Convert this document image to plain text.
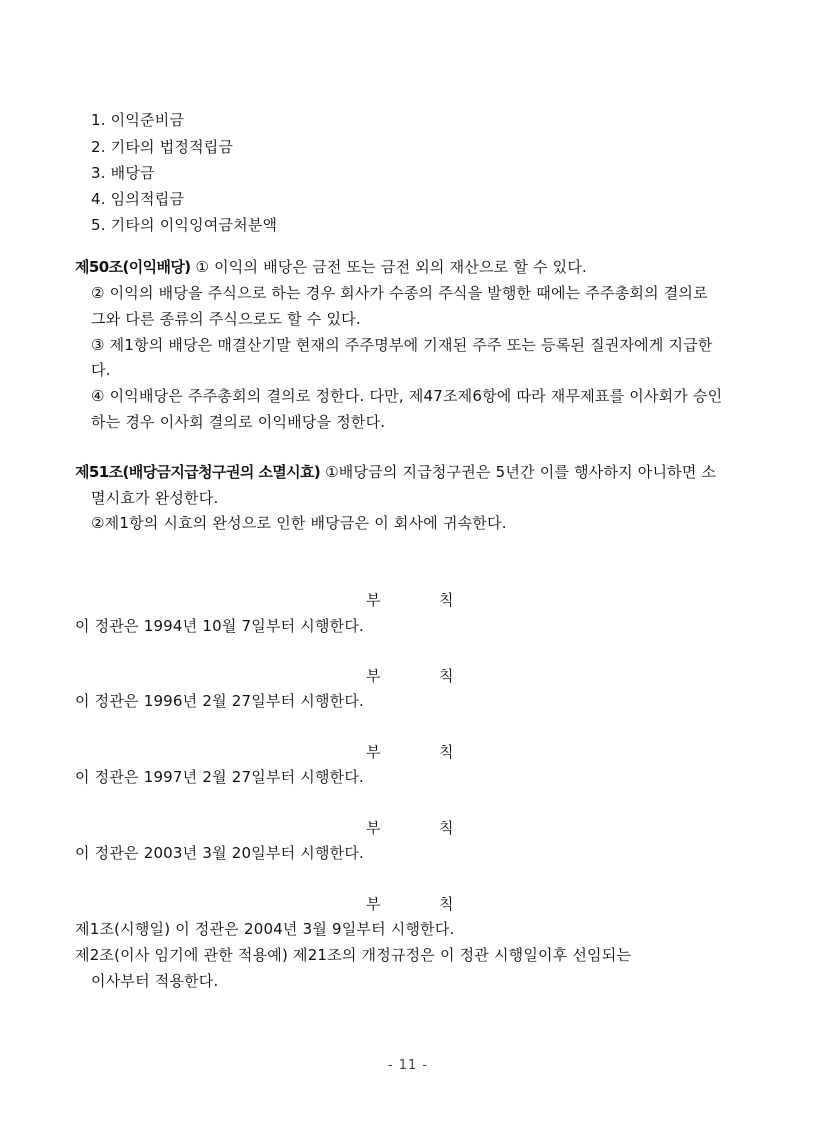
1. 이익준비금
2. 기타의 법정적립금
3. 배당금
4. 임의적립금
5. 기타의 이익잉여금처분액
제50조(이익배당) ① 이익의 배당은 금전 또는 금전 외의 재산으로 할 수 있다.
② 이익의 배당을 주식으로 하는 경우 회사가 수종의 주식을 발행한 때에는 주주총회의 결의로
그와 다른 종류의 주식으로도 할 수 있다.
③ 제1항의 배당은 매결산기말 현재의 주주명부에 기재된 주주 또는 등록된 질권자에게 지급한
다.
④ 이익배당은 주주총회의 결의로 정한다. 다만, 제47조제6항에 따라 재무제표를 이사회가 승인
하는 경우 이사회 결의로 이익배당을 정한다.
제51조(배당금지급청구권의 소멸시효) ①배당금의 지급청구권은 5년간 이를 행사하지 아니하면 소
멸시효가 완성한다.
②제1항의 시효의 완성으로 인한 배당금은 이 회사에 귀속한다.
부	칙
이 정관은 1994년 10월 7일부터 시행한다.
부	칙
이 정관은 1996년 2월 27일부터 시행한다.
부	칙
이 정관은 1997년 2월 27일부터 시행한다.
부	칙
이 정관은 2003년 3월 20일부터 시행한다.
부	칙
제1조(시행일) 이 정관은 2004년 3월 9일부터 시행한다.
제2조(이사 임기에 관한 적용예) 제21조의 개정규정은 이 정관 시행일이후 선임되는
이사부터 적용한다.
- 11 -
